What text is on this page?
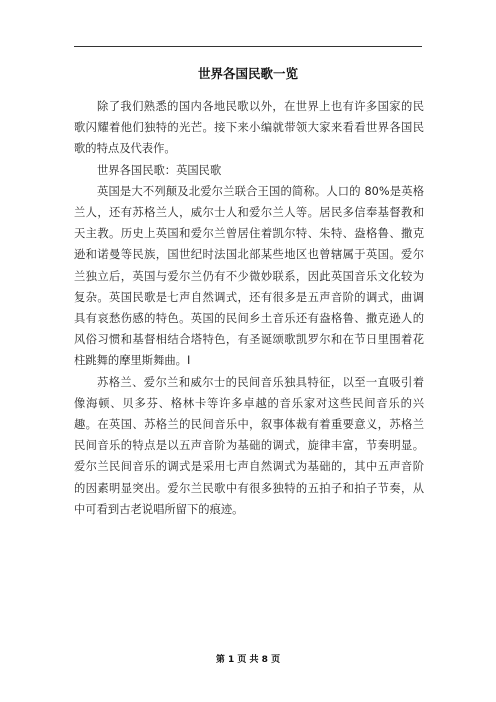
世界各国民歌一览

除了我们熟悉的国内各地民歌以外，在世界上也有许多国家的民歌闪耀着他们独特的光芒。接下来小编就带领大家来看看世界各国民歌的特点及代表作。

世界各国民歌：英国民歌

英国是大不列颠及北爱尔兰联合王国的简称。人口的 80%是英格兰人，还有苏格兰人，威尔士人和爱尔兰人等。居民多信奉基督教和天主教。历史上英国和爱尔兰曾居住着凯尔特、朱特、盎格鲁、撒克逊和诺曼等民族，国世纪时法国北部某些地区也曾辖属于英国。爱尔兰独立后，英国与爱尔兰仍有不少微妙联系，因此英国音乐文化较为复杂。英国民歌是七声自然调式，还有很多是五声音阶的调式，曲调具有哀愁伤感的特色。英国的民间乡土音乐还有盎格鲁、撒克逊人的风俗习惯和基督相结合塔特色，有圣诞颂歌凯罗尔和在节日里围着花柱跳舞的摩里斯舞曲。I

苏格兰、爱尔兰和威尔士的民间音乐独具特征，以至一直吸引着像海顿、贝多芬、格林卡等许多卓越的音乐家对这些民间音乐的兴趣。在英国、苏格兰的民间音乐中，叙事体裁有着重要意义，苏格兰民间音乐的特点是以五声音阶为基础的调式，旋律丰富，节奏明显。爱尔兰民间音乐的调式是采用七声自然调式为基础的，其中五声音阶的因素明显突出。爱尔兰民歌中有很多独特的五拍子和拍子节奏，从中可看到古老说唱所留下的痕迹。

第 1 页 共 8 页
